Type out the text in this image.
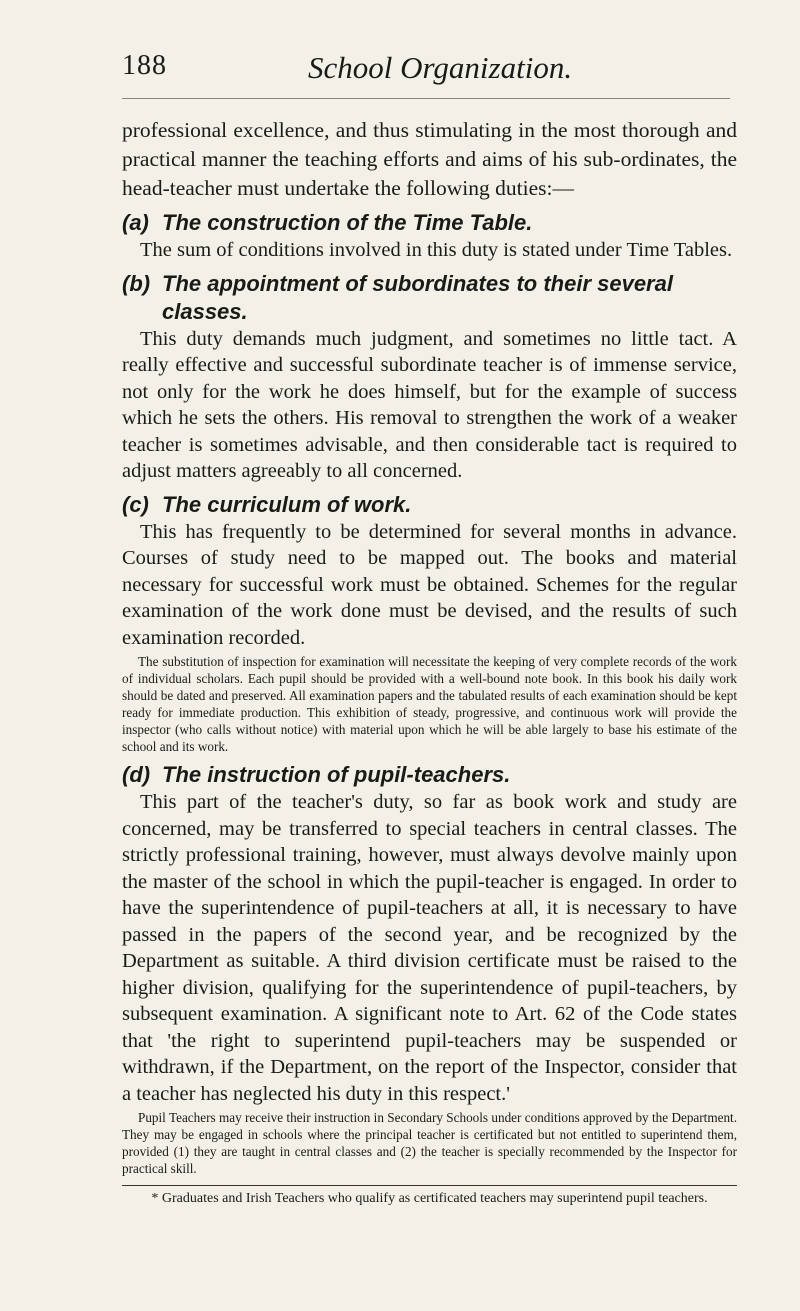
188	School Organization.

professional excellence, and thus stimulating in the most thorough and practical manner the teaching efforts and aims of his sub-ordinates, the head-teacher must undertake the following duties:—

(a) The construction of the Time Table.

The sum of conditions involved in this duty is stated under Time Tables.

(b) The appointment of subordinates to their several classes.

This duty demands much judgment, and sometimes no little tact. A really effective and successful subordinate teacher is of immense service, not only for the work he does himself, but for the example of success which he sets the others. His removal to strengthen the work of a weaker teacher is sometimes advisable, and then considerable tact is required to adjust matters agreeably to all concerned.

(c) The curriculum of work.

This has frequently to be determined for several months in advance. Courses of study need to be mapped out. The books and material necessary for successful work must be obtained. Schemes for the regular examination of the work done must be devised, and the results of such examination recorded.

The substitution of inspection for examination will necessitate the keeping of very complete records of the work of individual scholars. Each pupil should be provided with a well-bound note book. In this book his daily work should be dated and preserved. All examination papers and the tabulated results of each examination should be kept ready for immediate production. This exhibition of steady, progressive, and continuous work will provide the inspector (who calls without notice) with material upon which he will be able largely to base his estimate of the school and its work.

(d) The instruction of pupil-teachers.

This part of the teacher's duty, so far as book work and study are concerned, may be transferred to special teachers in central classes. The strictly professional training, however, must always devolve mainly upon the master of the school in which the pupil-teacher is engaged. In order to have the superintendence of pupil-teachers at all, it is necessary to have passed in the papers of the second year, and be recognized by the Department as suitable. A third division certificate must be raised to the higher division, qualifying for the superintendence of pupil-teachers, by subsequent examination. A significant note to Art. 62 of the Code states that 'the right to superintend pupil-teachers may be suspended or withdrawn, if the Department, on the report of the Inspector, consider that a teacher has neglected his duty in this respect.'

Pupil Teachers may receive their instruction in Secondary Schools under conditions approved by the Department. They may be engaged in schools where the principal teacher is certificated but not entitled to superintend them, provided (1) they are taught in central classes and (2) the teacher is specially recommended by the Inspector for practical skill.

* Graduates and Irish Teachers who qualify as certificated teachers may superintend pupil teachers.
